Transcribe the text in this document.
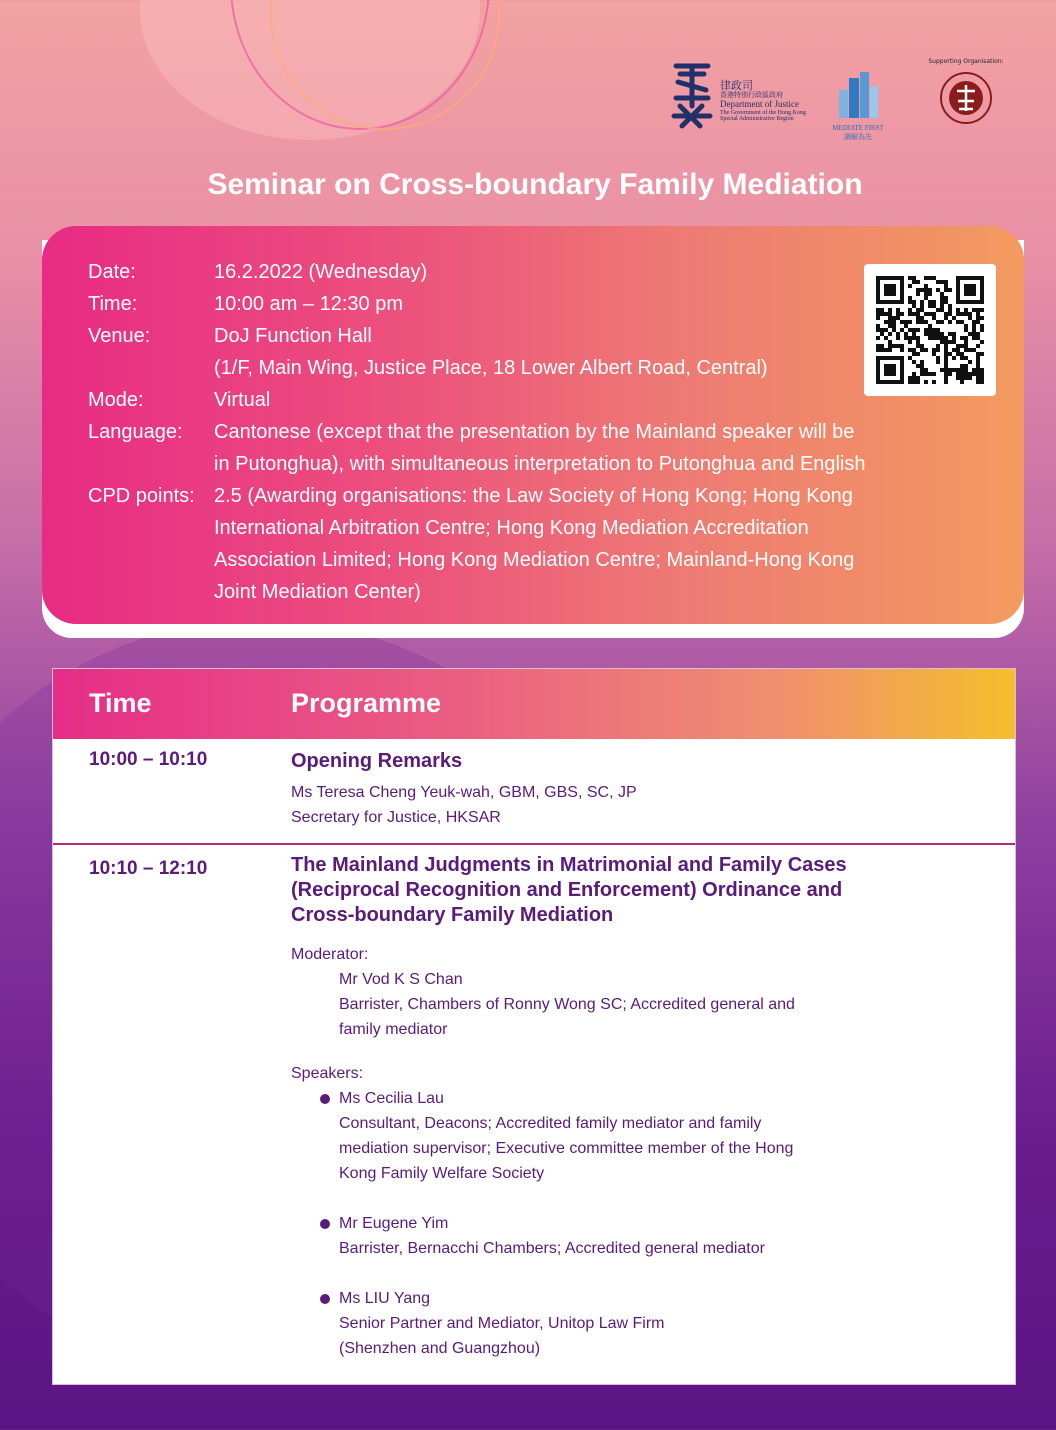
律政司
香港特別行政區政府
Department of Justice
The Government of the Hong Kong
Special Administrative Region
MEDIATE FIRST
調解為先
Supporting Organisation:
Seminar on Cross-boundary Family Mediation
Date:	16.2.2022 (Wednesday)
Time:	10:00 am – 12:30 pm
Venue:	DoJ Function Hall
(1/F, Main Wing, Justice Place, 18 Lower Albert Road, Central)
Mode:	Virtual
Language:	Cantonese (except that the presentation by the Mainland speaker will be
in Putonghua), with simultaneous interpretation to Putonghua and English
CPD points: 2.5 (Awarding organisations: the Law Society of Hong Kong; Hong Kong
International Arbitration Centre; Hong Kong Mediation Accreditation
Association Limited; Hong Kong Mediation Centre; Mainland-Hong Kong
Joint Mediation Center)
Time	Programme
10:00 – 10:10	Opening Remarks
Ms Teresa Cheng Yeuk-wah, GBM, GBS, SC, JP
Secretary for Justice, HKSAR
10:10 – 12:10	The Mainland Judgments in Matrimonial and Family Cases
(Reciprocal Recognition and Enforcement) Ordinance and
Cross-boundary Family Mediation
Moderator:
Mr Vod K S Chan
Barrister, Chambers of Ronny Wong SC; Accredited general and
family mediator
Speakers:
Ms Cecilia Lau
Consultant, Deacons; Accredited family mediator and family
mediation supervisor; Executive committee member of the Hong
Kong Family Welfare Society
Mr Eugene Yim
Barrister, Bernacchi Chambers; Accredited general mediator
Ms LIU Yang
Senior Partner and Mediator, Unitop Law Firm
(Shenzhen and Guangzhou)
